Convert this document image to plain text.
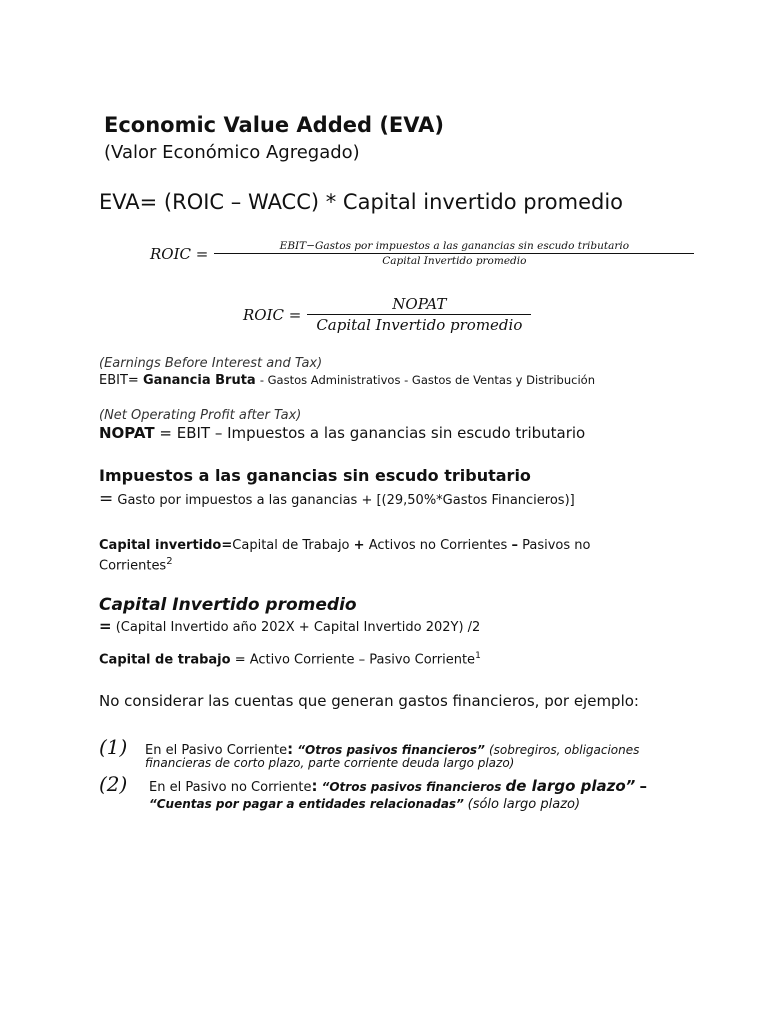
Economic Value Added (EVA)
(Valor Económico Agregado)
EVA= (ROIC – WACC) * Capital invertido promedio
ROIC =	EBIT−Gastos por impuestos a las ganancias sin escudo tributario
Capital Invertido promedio
ROIC = $\frac{\text{NOPAT}}{\text{Capital Invertido promedio}}$
(Earnings Before Interest and Tax)
EBIT= Ganancia Bruta - Gastos Administrativos - Gastos de Ventas y Distribución
(Net Operating Profit after Tax)
NOPAT = EBIT – Impuestos a las ganancias sin escudo tributario
Impuestos a las ganancias sin escudo tributario
= Gasto por impuestos a las ganancias + [(29,50%*Gastos Financieros)]
Capital invertido=Capital de Trabajo + Activos no Corrientes – Pasivos no
Corrientes$^2$
Capital Invertido promedio
= (Capital Invertido año 202X + Capital Invertido 202Y) /2
Capital de trabajo = Activo Corriente – Pasivo Corriente$^1$
No considerar las cuentas que generan gastos financieros, por ejemplo:
(1) En el Pasivo Corriente: “Otros pasivos financieros” (sobregiros, obligaciones
financieras de corto plazo, parte corriente deuda largo plazo)
(2) En el Pasivo no Corriente: “Otros pasivos financieros de largo plazo” –
“Cuentas por pagar a entidades relacionadas” (sólo largo plazo)
